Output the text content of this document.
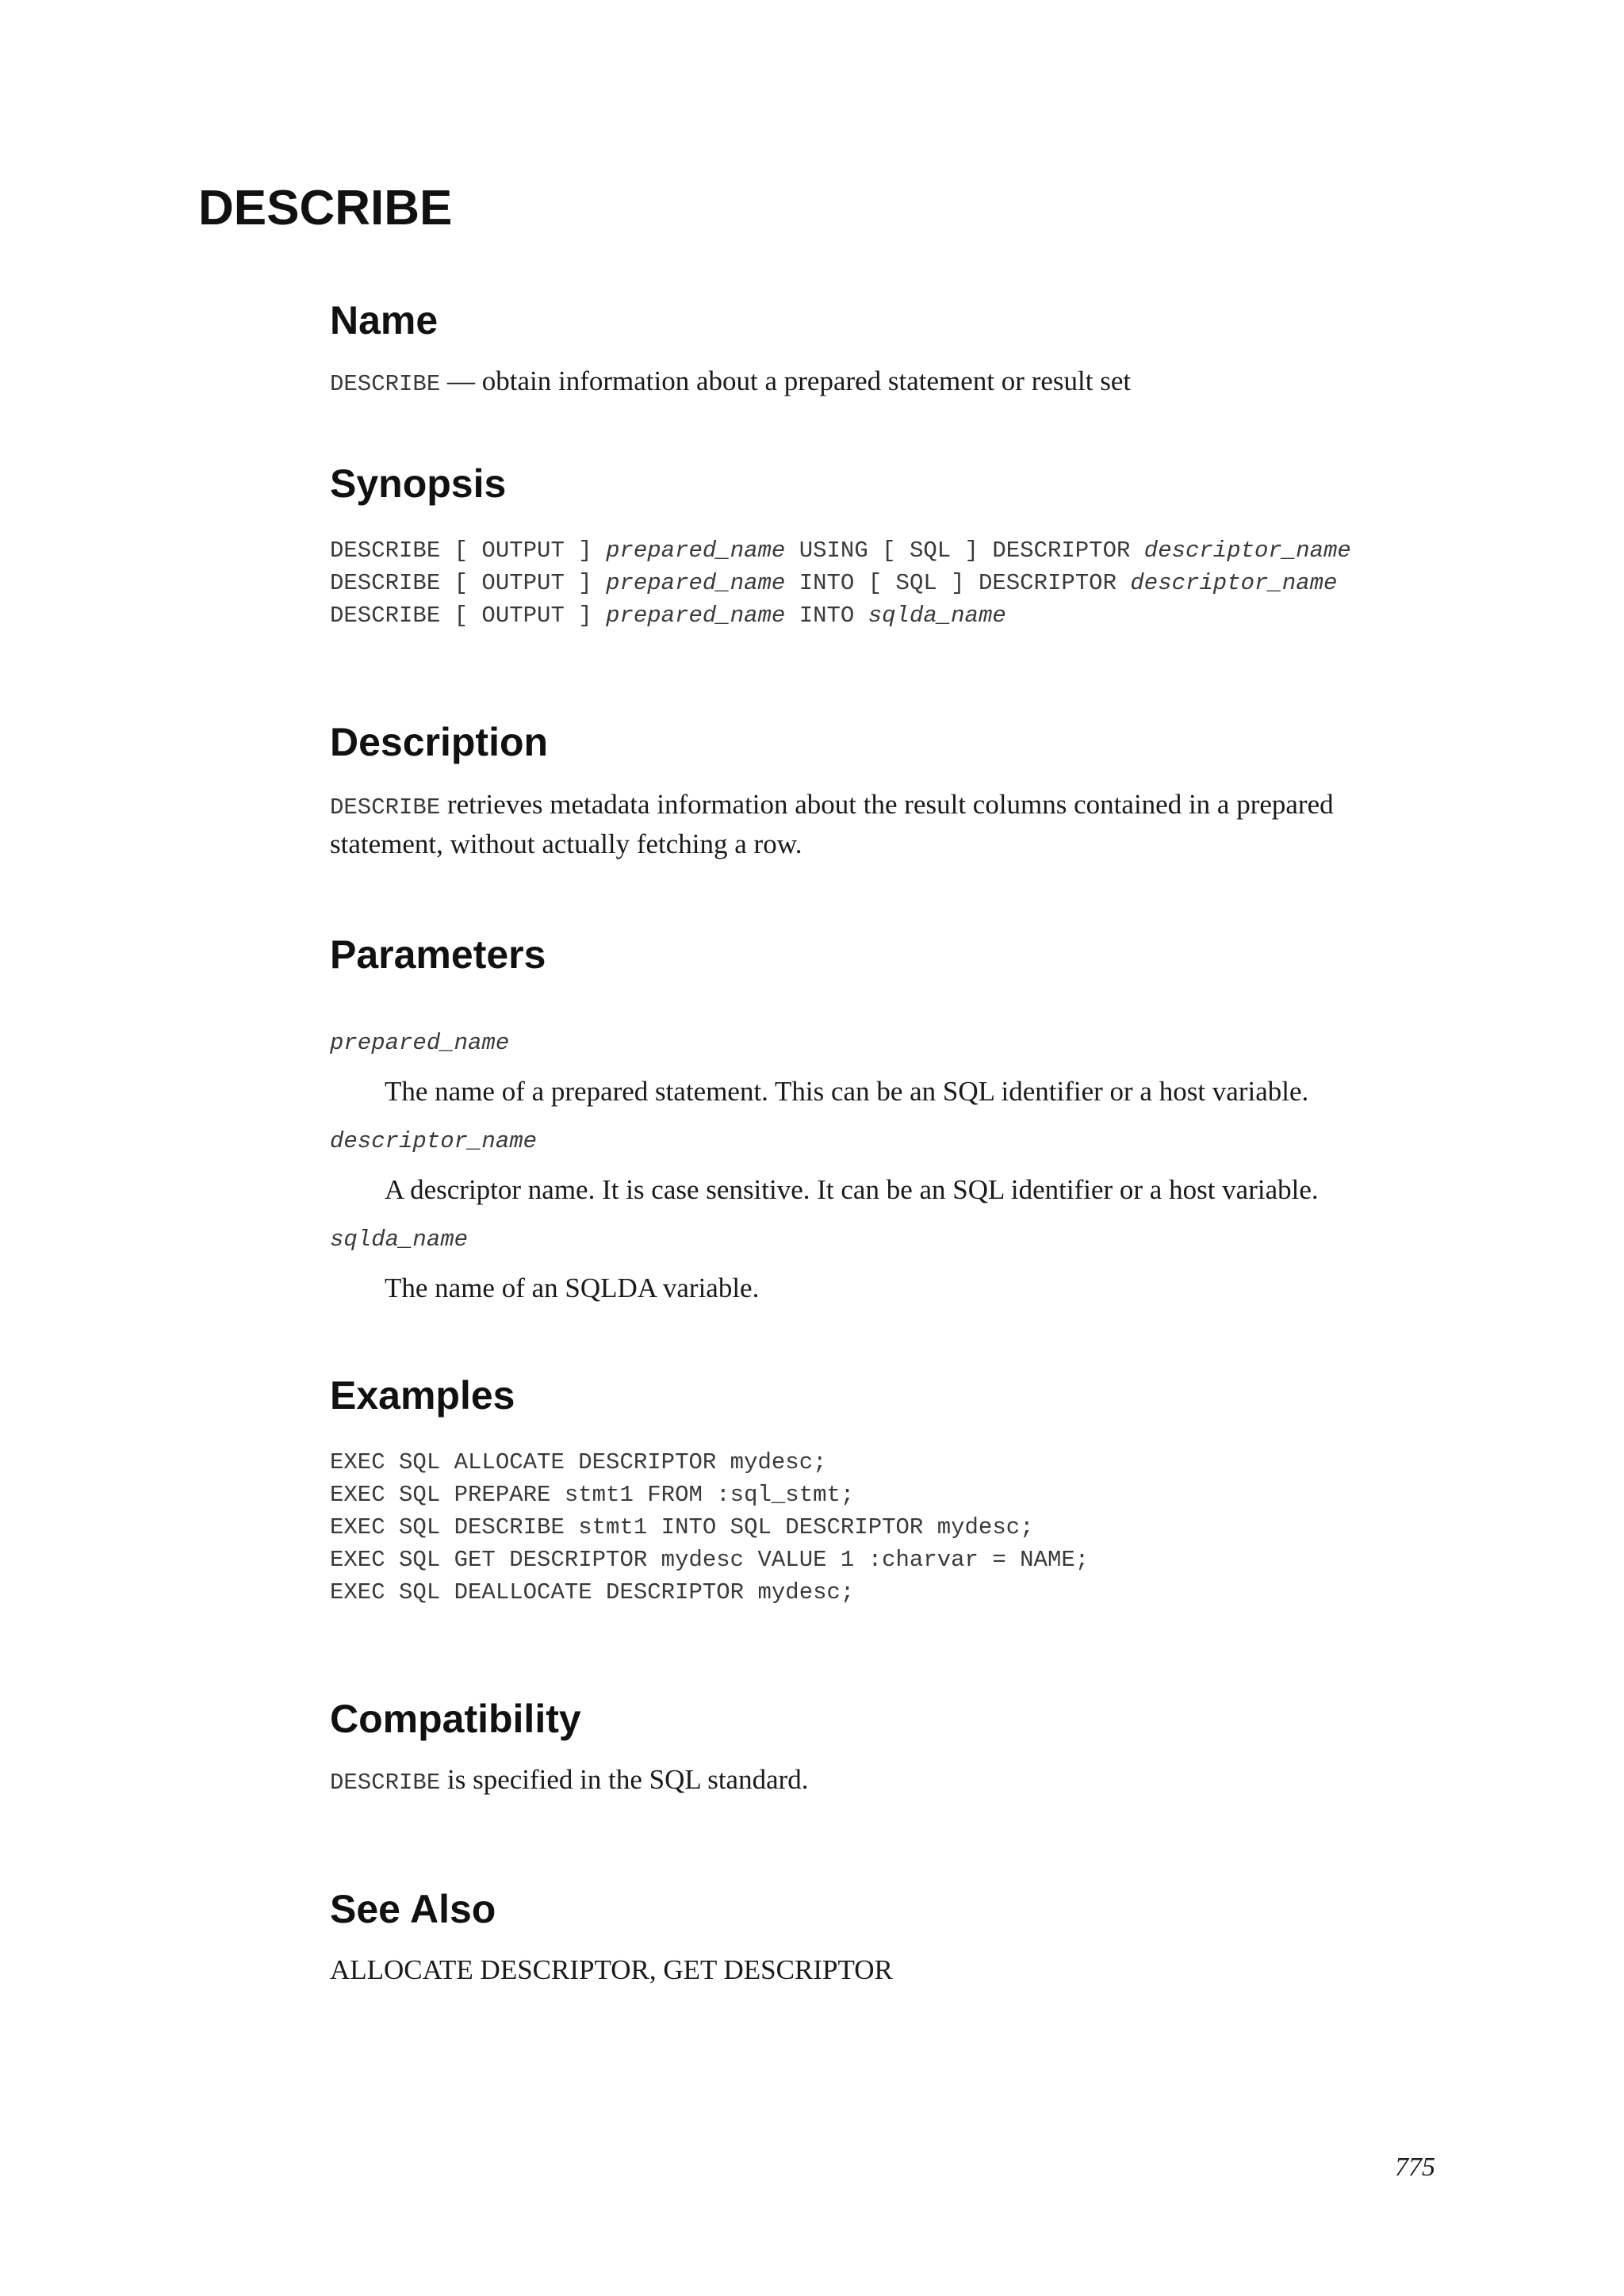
DESCRIBE
Name

DESCRIBE — obtain information about a prepared statement or result set

Synopsis
DESCRIBE [ OUTPUT ] prepared_name USING [ SQL ] DESCRIPTOR descriptor_name
DESCRIBE [ OUTPUT ] prepared_name INTO [ SQL ] DESCRIPTOR descriptor_name
DESCRIBE [ OUTPUT ] prepared_name INTO sqlda_name
Description

DESCRIBE retrieves metadata information about the result columns contained in a prepared statement, without actually fetching a row.

Parameters

prepared_name

The name of a prepared statement. This can be an SQL identifier or a host variable.

descriptor_name

A descriptor name. It is case sensitive. It can be an SQL identifier or a host variable.

sqlda_name

The name of an SQLDA variable.

Examples
EXEC SQL ALLOCATE DESCRIPTOR mydesc;
EXEC SQL PREPARE stmt1 FROM :sql_stmt;
EXEC SQL DESCRIBE stmt1 INTO SQL DESCRIPTOR mydesc;
EXEC SQL GET DESCRIPTOR mydesc VALUE 1 :charvar = NAME;
EXEC SQL DEALLOCATE DESCRIPTOR mydesc;
Compatibility

DESCRIBE is specified in the SQL standard.

See Also

ALLOCATE DESCRIPTOR, GET DESCRIPTOR

775
